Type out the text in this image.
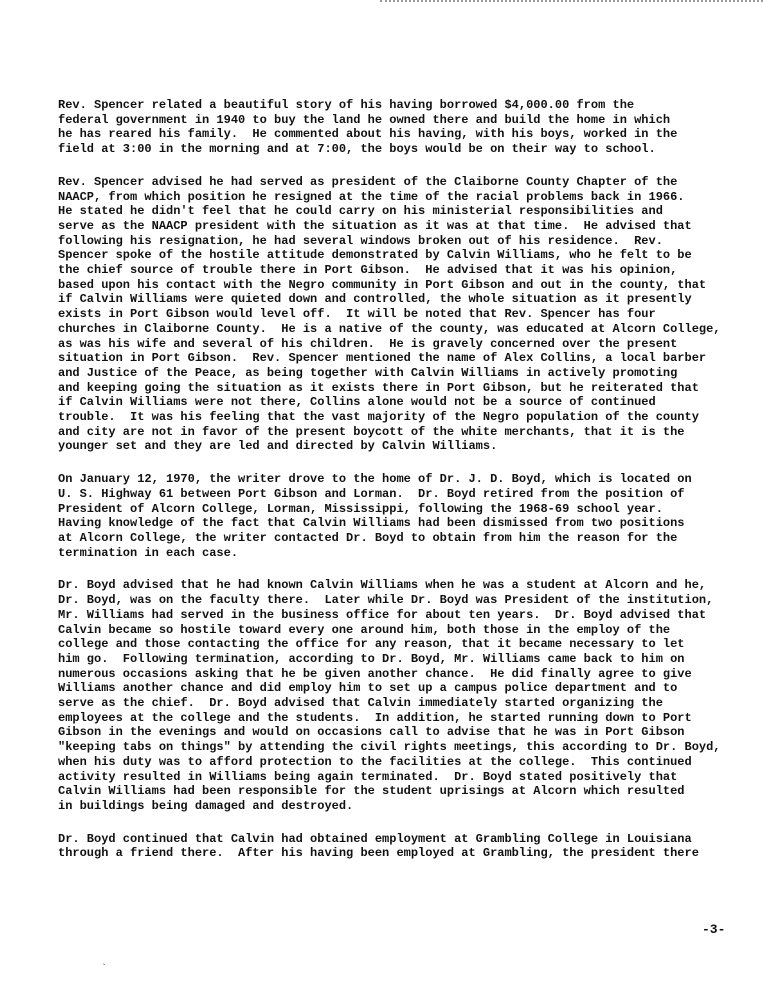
Rev. Spencer related a beautiful story of his having borrowed $4,000.00 from the
federal government in 1940 to buy the land he owned there and build the home in which
he has reared his family.  He commented about his having, with his boys, worked in the
field at 3:00 in the morning and at 7:00, the boys would be on their way to school.

Rev. Spencer advised he had served as president of the Claiborne County Chapter of the
NAACP, from which position he resigned at the time of the racial problems back in 1966.
He stated he didn't feel that he could carry on his ministerial responsibilities and
serve as the NAACP president with the situation as it was at that time.  He advised that
following his resignation, he had several windows broken out of his residence.  Rev.
Spencer spoke of the hostile attitude demonstrated by Calvin Williams, who he felt to be
the chief source of trouble there in Port Gibson.  He advised that it was his opinion,
based upon his contact with the Negro community in Port Gibson and out in the county, that
if Calvin Williams were quieted down and controlled, the whole situation as it presently
exists in Port Gibson would level off.  It will be noted that Rev. Spencer has four
churches in Claiborne County.  He is a native of the county, was educated at Alcorn College,
as was his wife and several of his children.  He is gravely concerned over the present
situation in Port Gibson.  Rev. Spencer mentioned the name of Alex Collins, a local barber
and Justice of the Peace, as being together with Calvin Williams in actively promoting
and keeping going the situation as it exists there in Port Gibson, but he reiterated that
if Calvin Williams were not there, Collins alone would not be a source of continued
trouble.  It was his feeling that the vast majority of the Negro population of the county
and city are not in favor of the present boycott of the white merchants, that it is the
younger set and they are led and directed by Calvin Williams.

On January 12, 1970, the writer drove to the home of Dr. J. D. Boyd, which is located on
U. S. Highway 61 between Port Gibson and Lorman.  Dr. Boyd retired from the position of
President of Alcorn College, Lorman, Mississippi, following the 1968-69 school year.
Having knowledge of the fact that Calvin Williams had been dismissed from two positions
at Alcorn College, the writer contacted Dr. Boyd to obtain from him the reason for the
termination in each case.

Dr. Boyd advised that he had known Calvin Williams when he was a student at Alcorn and he,
Dr. Boyd, was on the faculty there.  Later while Dr. Boyd was President of the institution,
Mr. Williams had served in the business office for about ten years.  Dr. Boyd advised that
Calvin became so hostile toward every one around him, both those in the employ of the
college and those contacting the office for any reason, that it became necessary to let
him go.  Following termination, according to Dr. Boyd, Mr. Williams came back to him on
numerous occasions asking that he be given another chance.  He did finally agree to give
Williams another chance and did employ him to set up a campus police department and to
serve as the chief.  Dr. Boyd advised that Calvin immediately started organizing the
employees at the college and the students.  In addition, he started running down to Port
Gibson in the evenings and would on occasions call to advise that he was in Port Gibson
"keeping tabs on things" by attending the civil rights meetings, this according to Dr. Boyd,
when his duty was to afford protection to the facilities at the college.  This continued
activity resulted in Williams being again terminated.  Dr. Boyd stated positively that
Calvin Williams had been responsible for the student uprisings at Alcorn which resulted
in buildings being damaged and destroyed.

Dr. Boyd continued that Calvin had obtained employment at Grambling College in Louisiana
through a friend there.  After his having been employed at Grambling, the president there

-3-
`
